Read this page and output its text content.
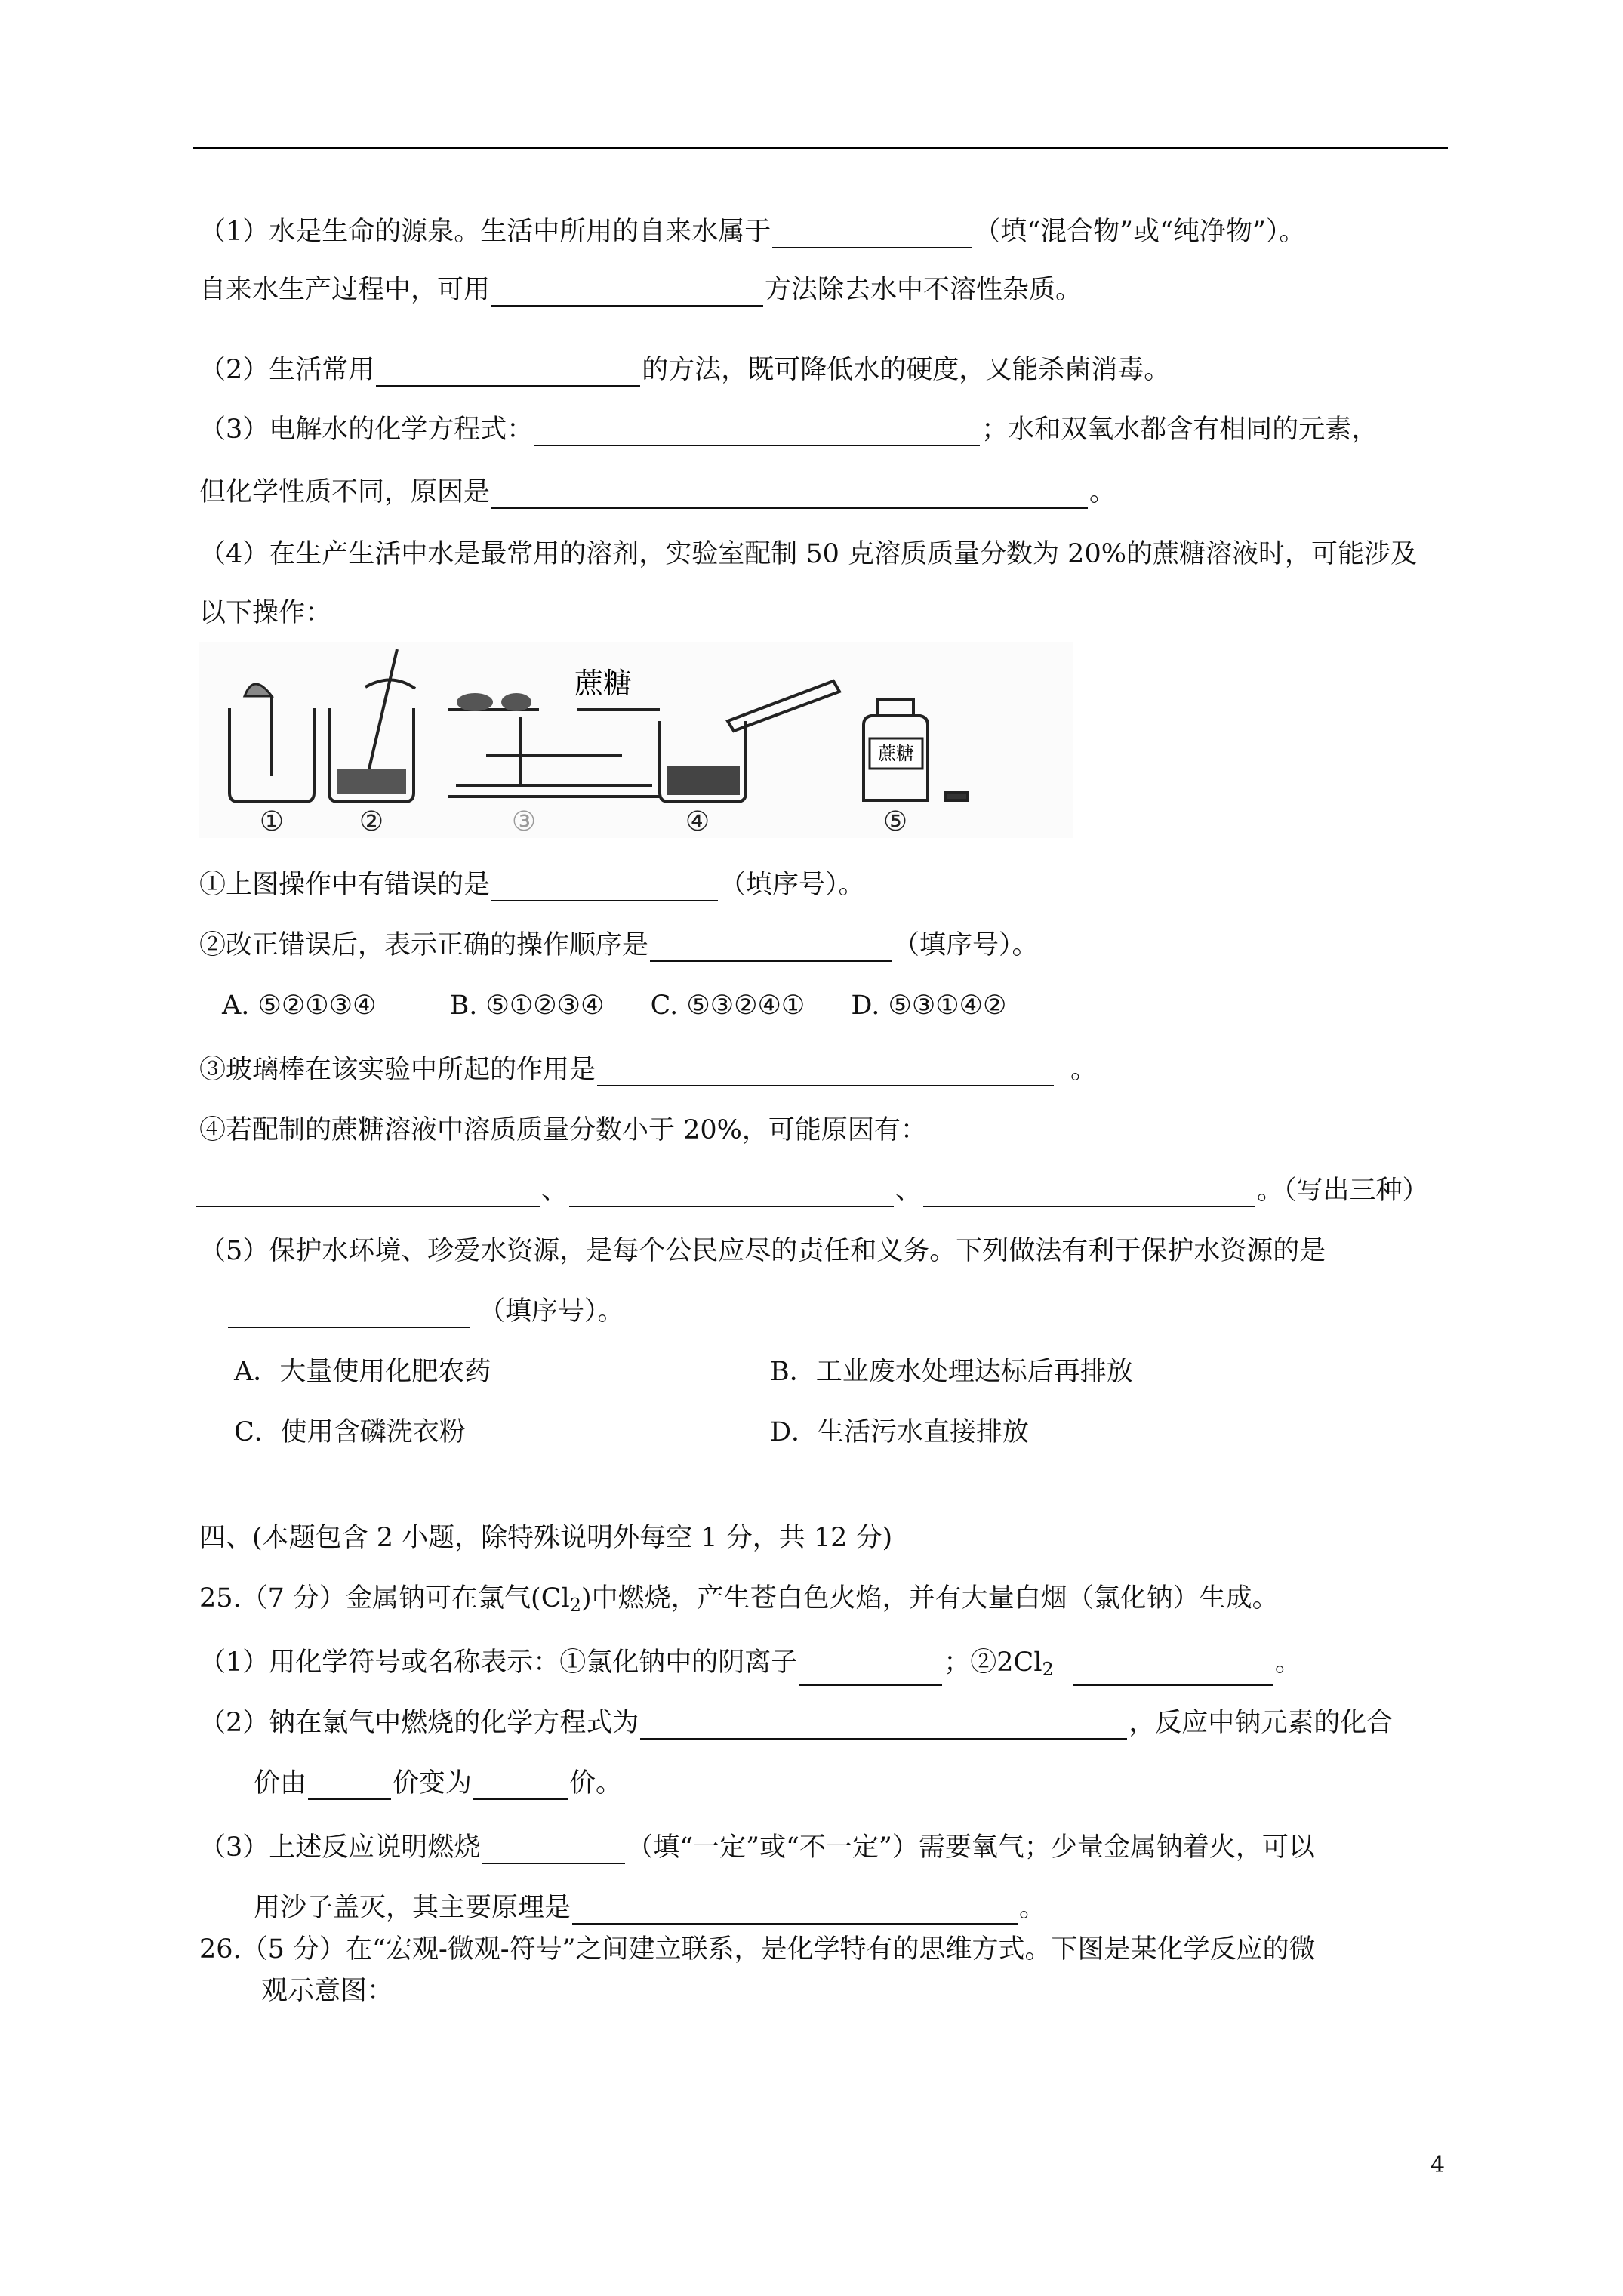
（1）水是生命的源泉。生活中所用的自来水属于	（填“混合物”或“纯净物”）。
自来水生产过程中，可用	方法除去水中不溶性杂质。
（2）生活常用	的方法，既可降低水的硬度，又能杀菌消毒。
（3）电解水的化学方程式：	；水和双氧水都含有相同的元素，
但化学性质不同，原因是	。
（4）在生产生活中水是最常用的溶剂，实验室配制 50 克溶质质量分数为 20%的蔗糖溶液时，可能涉及
以下操作：
蔗糖
蔗糖
①	②	③	④	⑤
①上图操作中有错误的是	（填序号）。
②改正错误后，表示正确的操作顺序是	（填序号）。
A. ⑤②①③④	B. ⑤①②③④ C. ⑤③②④① D. ⑤③①④②
③玻璃棒在该实验中所起的作用是	。
④若配制的蔗糖溶液中溶质质量分数小于 20%，可能原因有：
、	、	。（写出三种）
（5）保护水环境、珍爱水资源，是每个公民应尽的责任和义务。下列做法有利于保护水资源的是
（填序号）。
A．大量使用化肥农药	B．工业废水处理达标后再排放
C．使用含磷洗衣粉	D．生活污水直接排放
四、(本题包含 2 小题，除特殊说明外每空 1 分，共 12 分)
25.（7 分）金属钠可在氯气$(Cl_2)$中燃烧，产生苍白色火焰，并有大量白烟（氯化钠）生成。
（1）用化学符号或名称表示：①氯化钠中的阴离子	；$②2Cl_2$	。
（2）钠在氯气中燃烧的化学方程式为	，反应中钠元素的化合
价由	价变为	价。
（3）上述反应说明燃烧	（填“一定”或“不一定”）需要氧气；少量金属钠着火，可以
用沙子盖灭，其主要原理是	。
26.（5 分）在“宏观-微观-符号”之间建立联系，是化学特有的思维方式。下图是某化学反应的微
观示意图：
4
